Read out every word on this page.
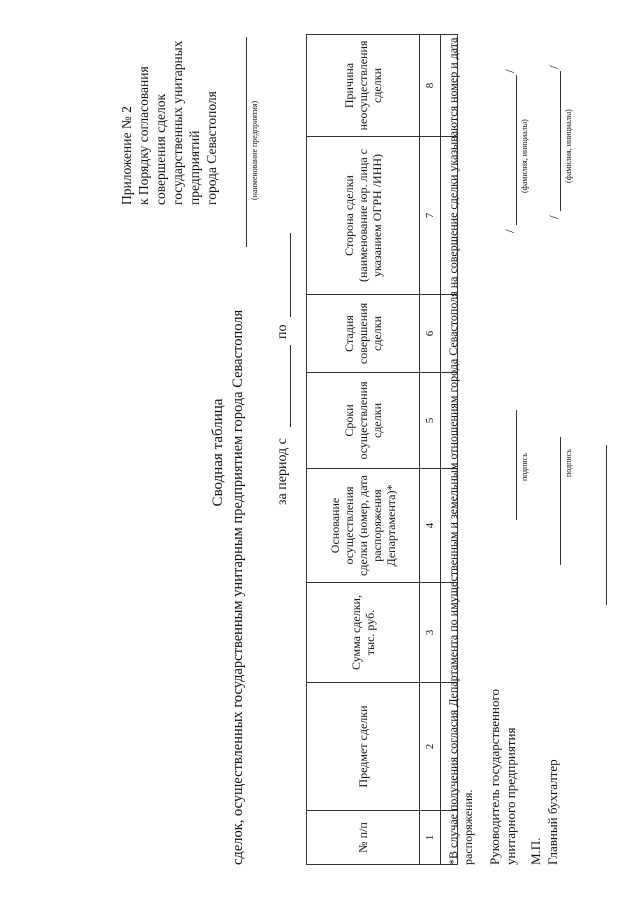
Приложение № 2 к Порядку согласования совершения сделок государственных унитарных предприятий города Севастополя
Сводная таблица сделок, осуществленных государственным унитарным предприятием города Севастополя
(наименование предприятия)
за период с
по
№ п/п	Предмет сделки	Сумма сделки, тыс. руб.	Основание осуществления сделки (номер, дата распоряжения Департамента)*	Сроки осуществления сделки	Стадия совершения сделки	Сторона сделки (наименование юр. лица с указанием ОГРН /ИНН)	Причина неосуществления сделки
1	2	3	4	5	6	7	8
							*В случае получения согласия Департамента по имущественным и земельным отношениям города Севастополя на совершение сделки указываются номер и дата распоряжения. Руководитель государственного унитарного предприятия
подпись
/
/
(фамилия, инициалы)
М.П. Главный бухгалтер
подпись
/
/
(фамилия, инициалы)
